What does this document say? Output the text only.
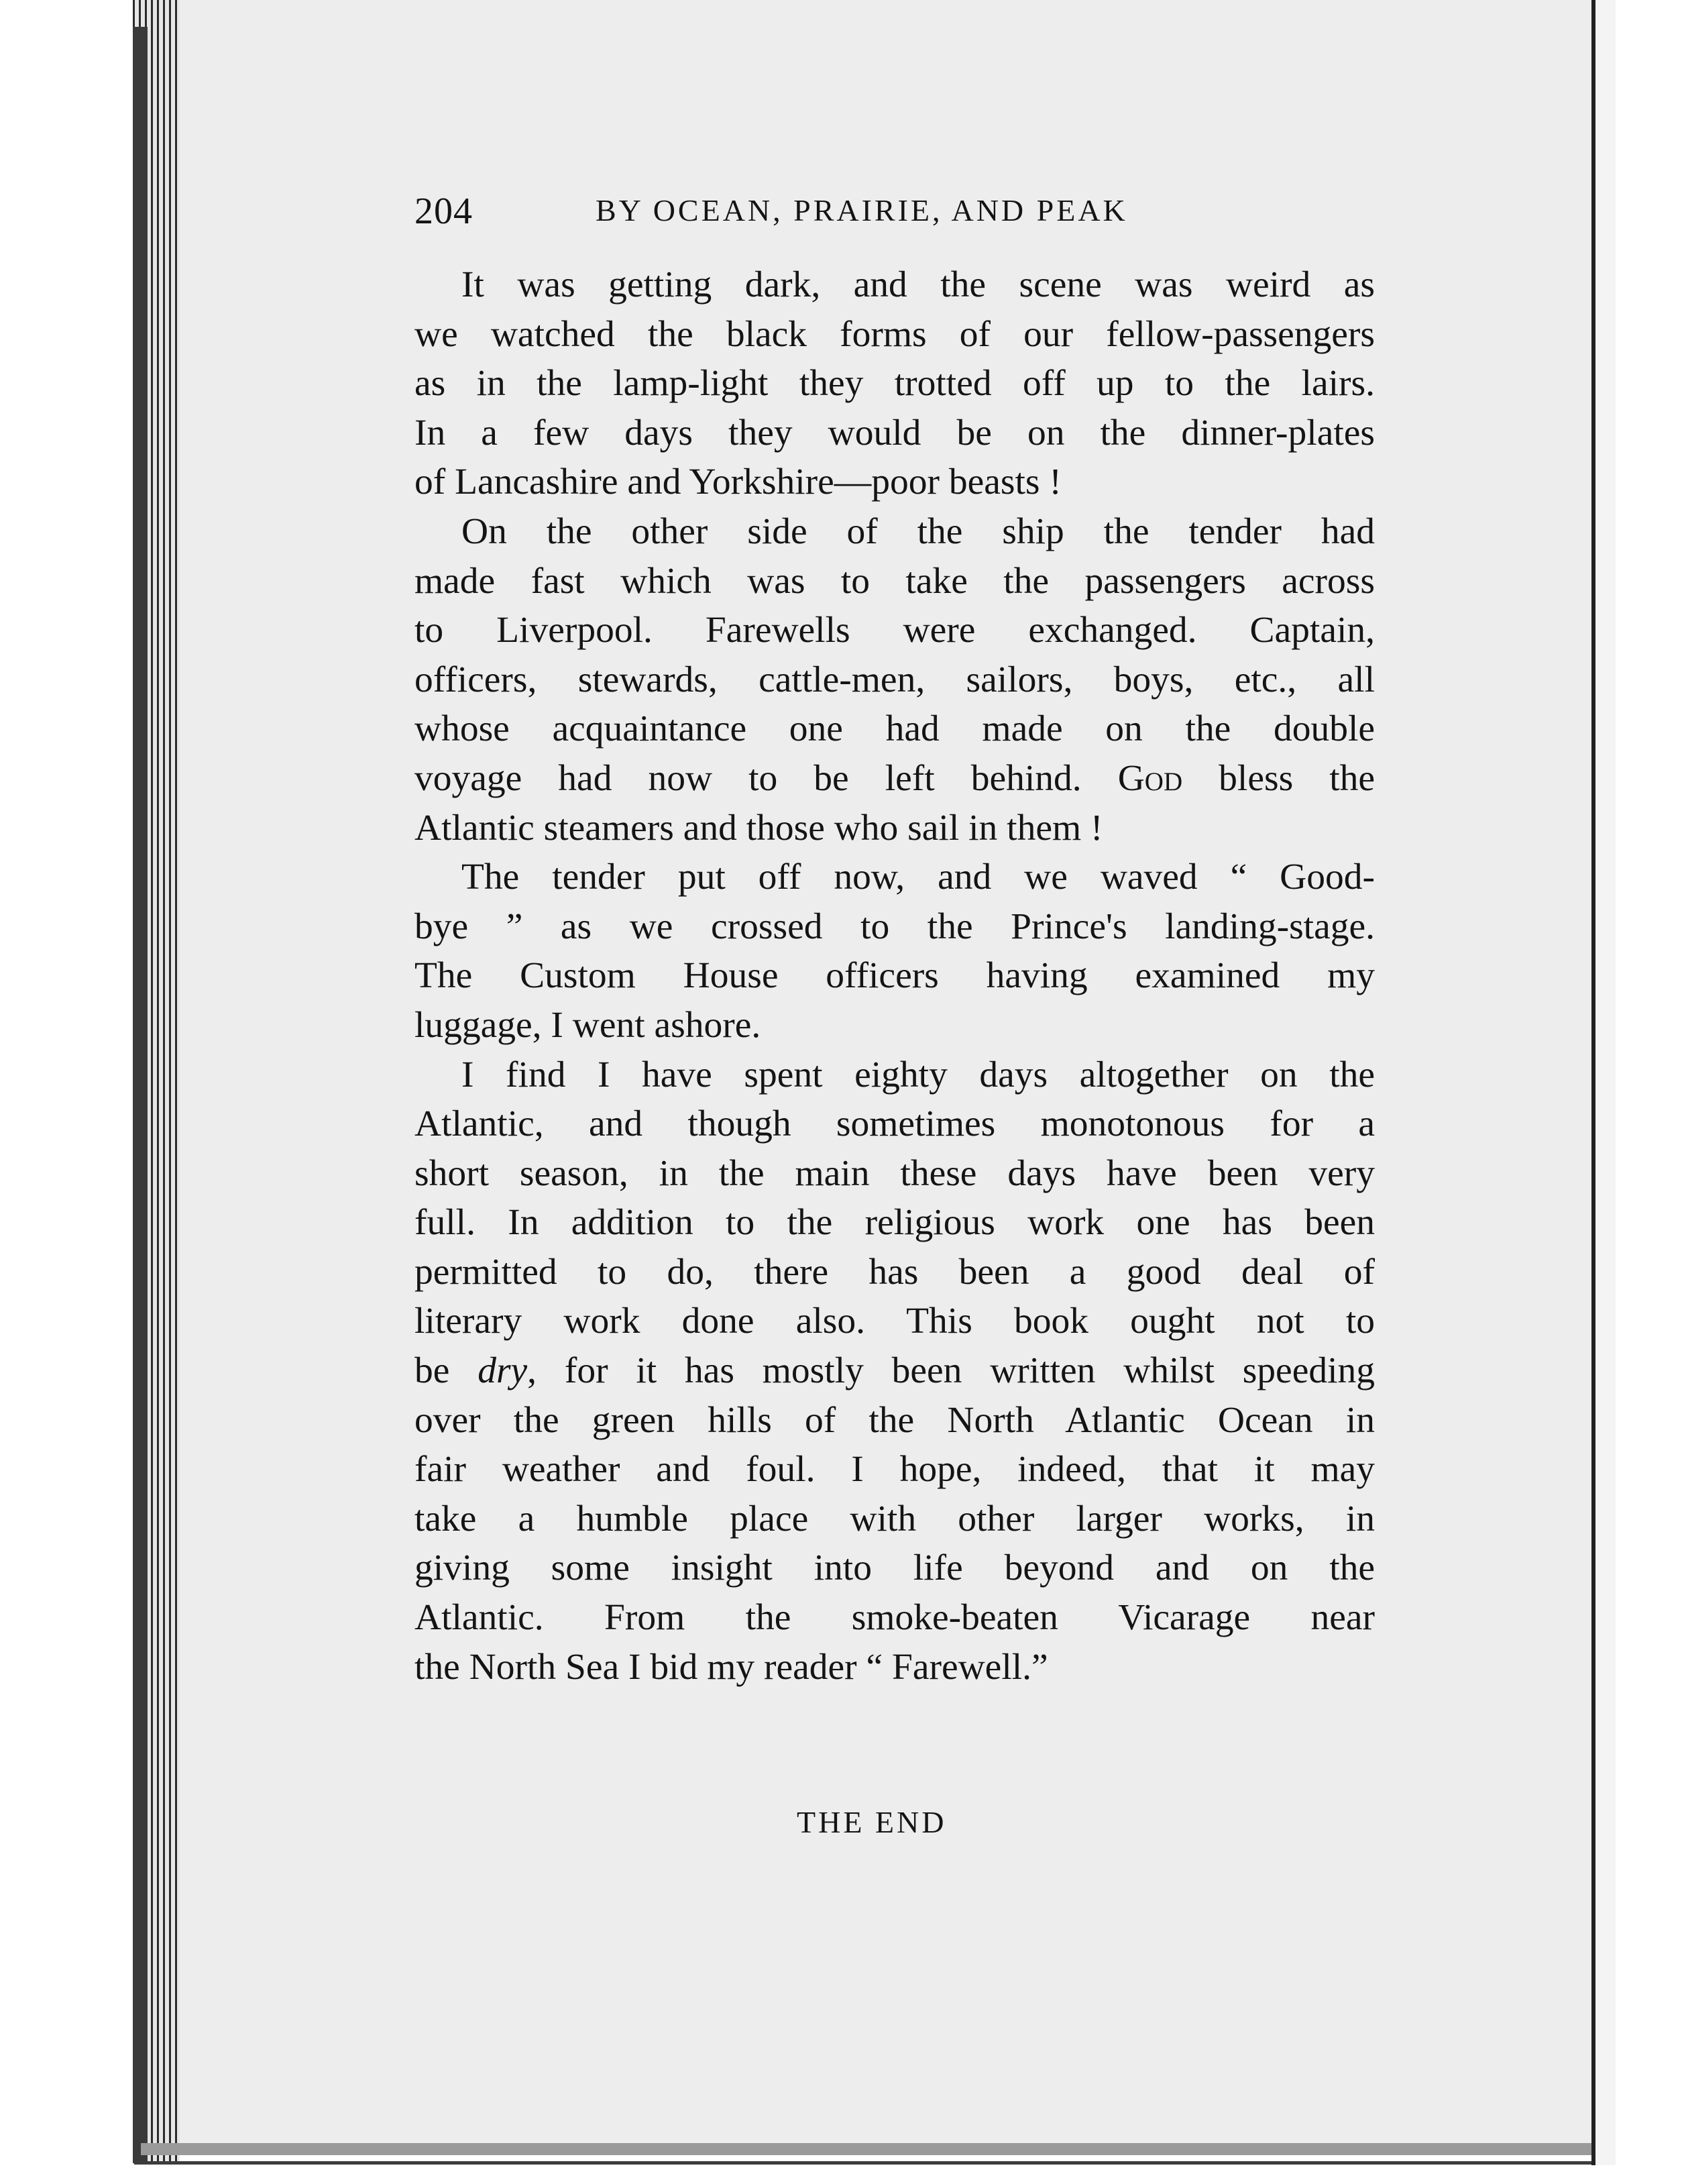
204	BY OCEAN, PRAIRIE, AND PEAK
It was getting dark, and the scene was weird as
we watched the black forms of our fellow-passengers
as in the lamp-light they trotted off up to the lairs.
In a few days they would be on the dinner-plates
of Lancashire and Yorkshire—poor beasts !
On the other side of the ship the tender had
made fast which was to take the passengers across
to Liverpool. Farewells were exchanged. Captain,
officers, stewards, cattle-men, sailors, boys, etc., all
whose acquaintance one had made on the double
voyage had now to be left behind. God bless the
Atlantic steamers and those who sail in them !
The tender put off now, and we waved “ Good-
bye ” as we crossed to the Prince's landing-stage.
The Custom House officers having examined my
luggage, I went ashore.
I find I have spent eighty days altogether on the
Atlantic, and though sometimes monotonous for a
short season, in the main these days have been very
full. In addition to the religious work one has been
permitted to do, there has been a good deal of
literary work done also. This book ought not to
be dry, for it has mostly been written whilst speeding
over the green hills of the North Atlantic Ocean in
fair weather and foul. I hope, indeed, that it may
take a humble place with other larger works, in
giving some insight into life beyond and on the
Atlantic. From the smoke-beaten Vicarage near
the North Sea I bid my reader “ Farewell.”
THE END
